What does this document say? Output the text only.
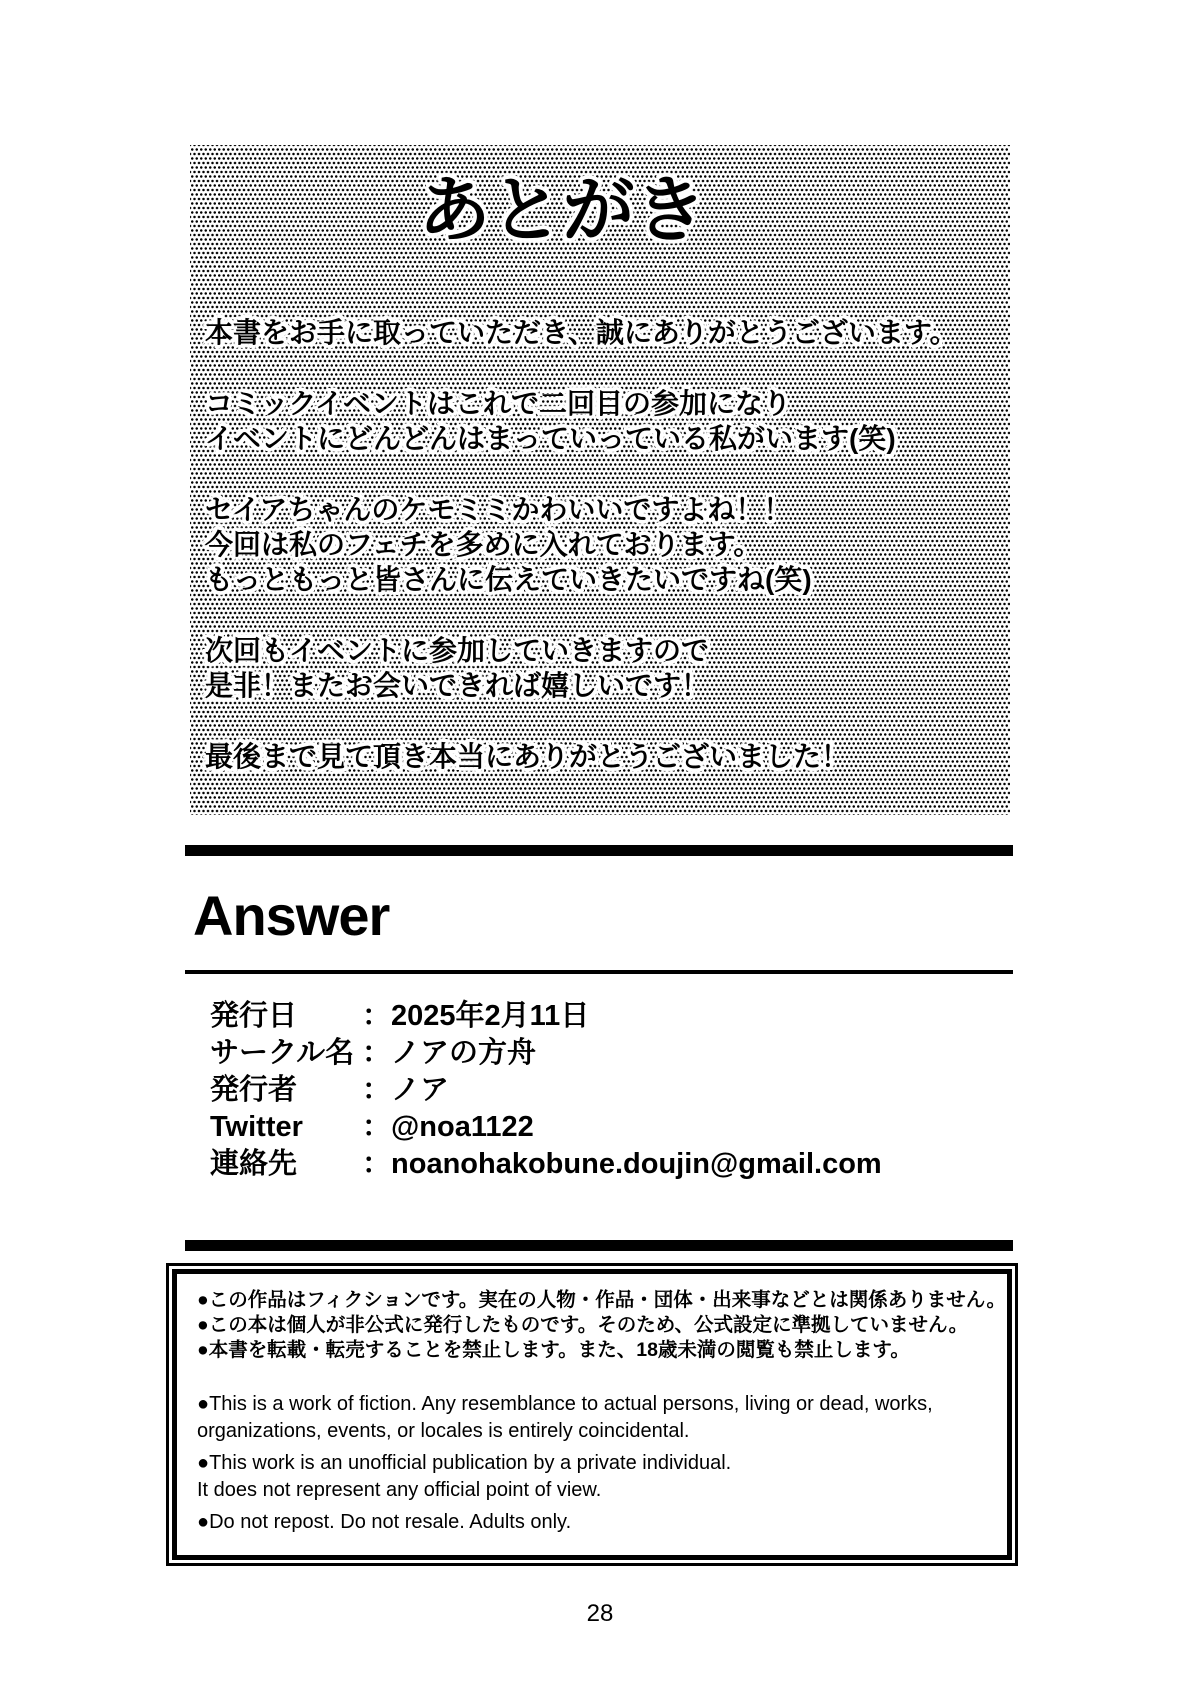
あとがき
本書をお手に取っていただき、誠にありがとうございます。
コミックイベントはこれで二回目の参加になり
イベントにどんどんはまっていっている私がいます(笑)
セイアちゃんのケモミミかわいいですよね！！
今回は私のフェチを多めに入れております。
もっともっと皆さんに伝えていきたいですね(笑)
次回もイベントに参加していきますので
是非！またお会いできれば嬉しいです！
最後まで見て頂き本当にありがとうございました！
Answer
発行日 ：2025年2月11日
サークル名 ：ノアの方舟
発行者 ：ノア
Twitter ：@noa1122
連絡先 ：noanohakobune.doujin@gmail.com
●この作品はフィクションです。実在の人物・作品・団体・出来事などとは関係ありません。
●この本は個人が非公式に発行したものです。そのため、公式設定に準拠していません。
●本書を転載・転売することを禁止します。また、18歳未満の閲覧も禁止します。
●This is a work of fiction. Any resemblance to actual persons, living or dead, works,
organizations, events, or locales is entirely coincidental.
●This work is an unofficial publication by a private individual.
It does not represent any official point of view.
●Do not repost. Do not resale. Adults only.
28
